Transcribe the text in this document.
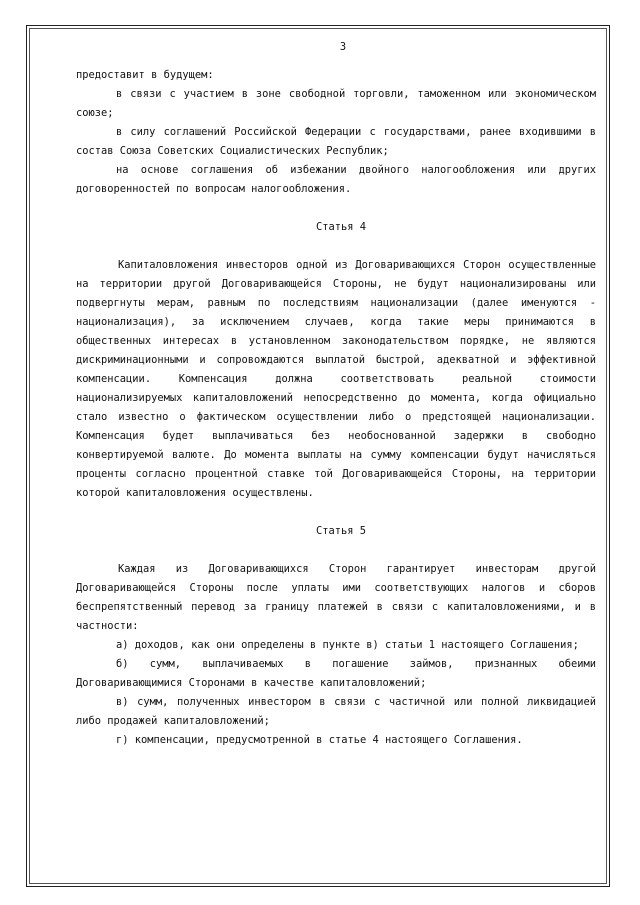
3

предоставит в будущем:

в связи с участием в зоне свободной торговли, таможенном или экономическом союзе;

в силу соглашений Российской Федерации с государствами, ранее входившими в состав Союза Советских Социалистических Республик;

на основе соглашения об избежании двойного налогообложения или других договоренностей по вопросам налогообложения.

Статья 4

Капиталовложения инвесторов одной из Договаривающихся Сторон осуществленные на территории другой Договаривающейся Стороны, не будут национализированы или подвергнуты мерам, равным по последствиям национализации (далее именуются - национализация), за исключением случаев, когда такие меры принимаются в общественных интересах в установленном законодательством порядке, не являются дискриминационными и сопровождаются выплатой быстрой, адекватной и эффективной компенсации. Компенсация должна соответствовать реальной стоимости национализируемых капиталовложений непосредственно до момента, когда официально стало известно о фактическом осуществлении либо о предстоящей национализации. Компенсация будет выплачиваться без необоснованной задержки в свободно конвертируемой валюте. До момента выплаты на сумму компенсации будут начисляться проценты согласно процентной ставке той Договаривающейся Стороны, на территории которой капиталовложения осуществлены.

Статья 5

Каждая из Договаривающихся Сторон гарантирует инвесторам другой Договаривающейся Стороны после уплаты ими соответствующих налогов и сборов беспрепятственный перевод за границу платежей в связи с капиталовложениями, и в частности:

а) доходов, как они определены в пункте в) статьи 1 настоящего Соглашения;

б) сумм, выплачиваемых в погашение займов, признанных обеими Договаривающимися Сторонами в качестве капиталовложений;

в) сумм, полученных инвестором в связи с частичной или полной ликвидацией либо продажей капиталовложений;

г) компенсации, предусмотренной в статье 4 настоящего Соглашения.
